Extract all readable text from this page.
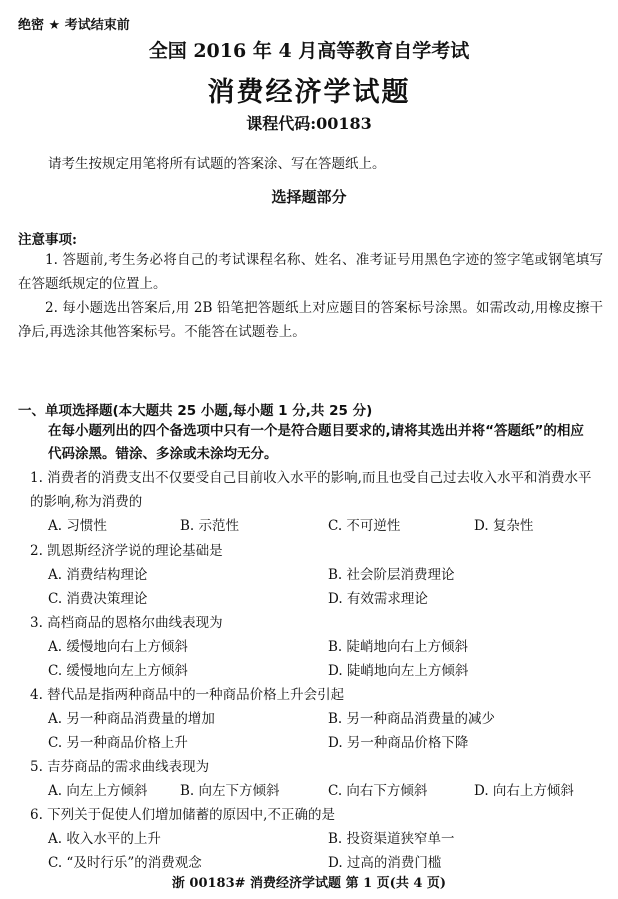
绝密 ★ 考试结束前
全国 2016 年 4 月高等教育自学考试
消费经济学试题
课程代码:00183
请考生按规定用笔将所有试题的答案涂、写在答题纸上。
选择题部分
注意事项:
1. 答题前,考生务必将自己的考试课程名称、姓名、准考证号用黑色字迹的签字笔或钢笔填写在答题纸规定的位置上。
2. 每小题选出答案后,用 2B 铅笔把答题纸上对应题目的答案标号涂黑。如需改动,用橡皮擦干净后,再选涂其他答案标号。不能答在试题卷上。
一、单项选择题(本大题共 25 小题,每小题 1 分,共 25 分)
在每小题列出的四个备选项中只有一个是符合题目要求的,请将其选出并将“答题纸”的相应代码涂黑。错涂、多涂或未涂均无分。
1. 消费者的消费支出不仅要受自己目前收入水平的影响,而且也受自己过去收入水平和消费水平的影响,称为消费的
A. 习惯性	B. 示范性	C. 不可逆性	D. 复杂性
2. 凯恩斯经济学说的理论基础是
A. 消费结构理论	B. 社会阶层消费理论
C. 消费决策理论	D. 有效需求理论
3. 高档商品的恩格尔曲线表现为
A. 缓慢地向右上方倾斜	B. 陡峭地向右上方倾斜
C. 缓慢地向左上方倾斜	D. 陡峭地向左上方倾斜
4. 替代品是指两种商品中的一种商品价格上升会引起
A. 另一种商品消费量的增加	B. 另一种商品消费量的减少
C. 另一种商品价格上升	D. 另一种商品价格下降
5. 吉芬商品的需求曲线表现为
A. 向左上方倾斜 B. 向左下方倾斜	C. 向右下方倾斜	D. 向右上方倾斜
6. 下列关于促使人们增加储蓄的原因中,不正确的是
A. 收入水平的上升	B. 投资渠道狭窄单一
C. “及时行乐”的消费观念	D. 过高的消费门槛
浙 00183# 消费经济学试题 第 1 页(共 4 页)
